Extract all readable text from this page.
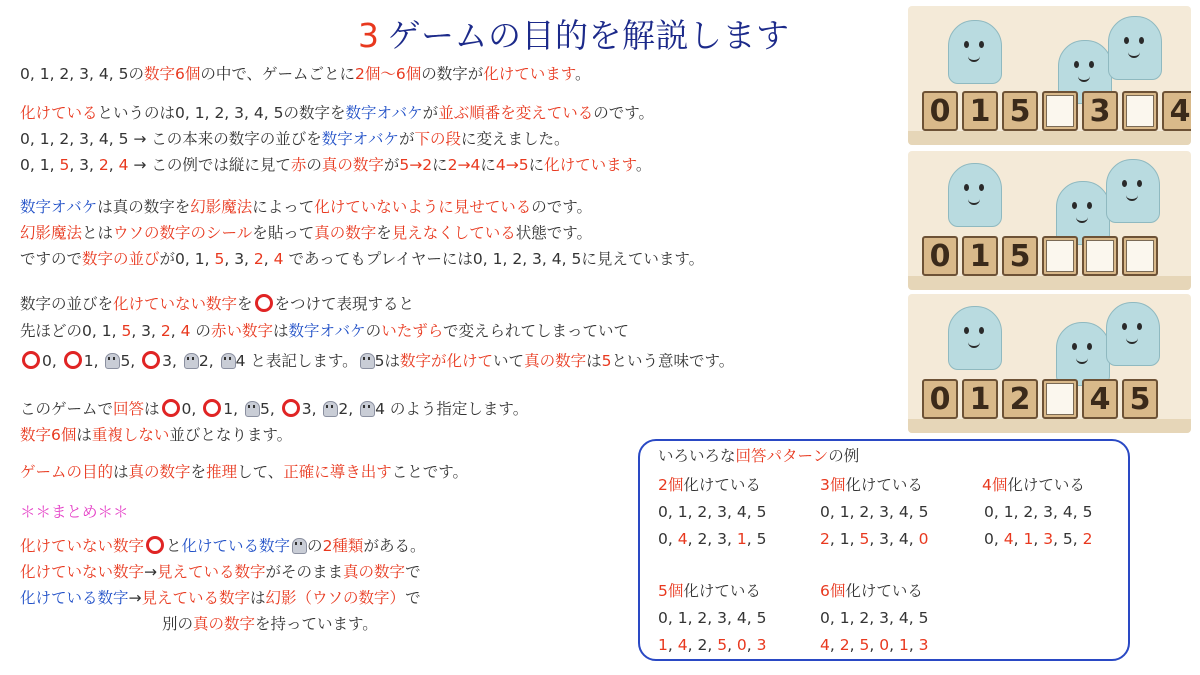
3 ゲームの目的を解説します
0, 1, 2, 3, 4, 5の数字6個の中で、ゲームごとに2個〜6個の数字が化けています。
化けているというのは0, 1, 2, 3, 4, 5の数字を数字オバケが並ぶ順番を変えているのです。
0, 1, 2, 3, 4, 5 → この本来の数字の並びを数字オバケが下の段に変えました。
0, 1, 5, 3, 2, 4 → この例では縦に見て赤の真の数字が5→2に2→4に4→5に化けています。
数字オバケは真の数字を幻影魔法によって化けていないように見せているのです。
幻影魔法とはウソの数字のシールを貼って真の数字を見えなくしている状態です。
ですので数字の並びが0, 1, 5, 3, 2, 4 であってもプレイヤーには0, 1, 2, 3, 4, 5に見えています。
数字の並びを化けていない数字を をつけて表現すると
先ほどの0, 1, 5, 3, 2, 4 の赤い数字は数字オバケのいたずらで変えられてしまっていて
0, 1, 5, 3, 2, 4 と表記します。 5は数字が化けていて真の数字は5という意味です。
このゲームで回答は 0, 1, 5, 3, 2, 4 のよう指定します。
数字6個は重複しない並びとなります。
ゲームの目的は真の数字を推理して、正確に導き出すことです。
＊＊まとめ＊＊
化けていない数字 と化けている数字 の2種類がある。
化けていない数字→見えている数字がそのまま真の数字で
化けている数字→見えている数字は幻影（ウソの数字）で
別の真の数字を持っています。
いろいろな回答パターンの例
2個化けている
0, 1, 2, 3, 4, 5
0, 4, 2, 3, 1, 5
3個化けている
0, 1, 2, 3, 4, 5
2, 1, 5, 3, 4, 0
4個化けている
0, 1, 2, 3, 4, 5
0, 4, 1, 3, 5, 2
5個化けている
0, 1, 2, 3, 4, 5
1, 4, 2, 5, 0, 3
6個化けている
0, 1, 2, 3, 4, 5
4, 2, 5, 0, 1, 3
0 1 5 3 4
0 1 5
0 1 2 4 5
